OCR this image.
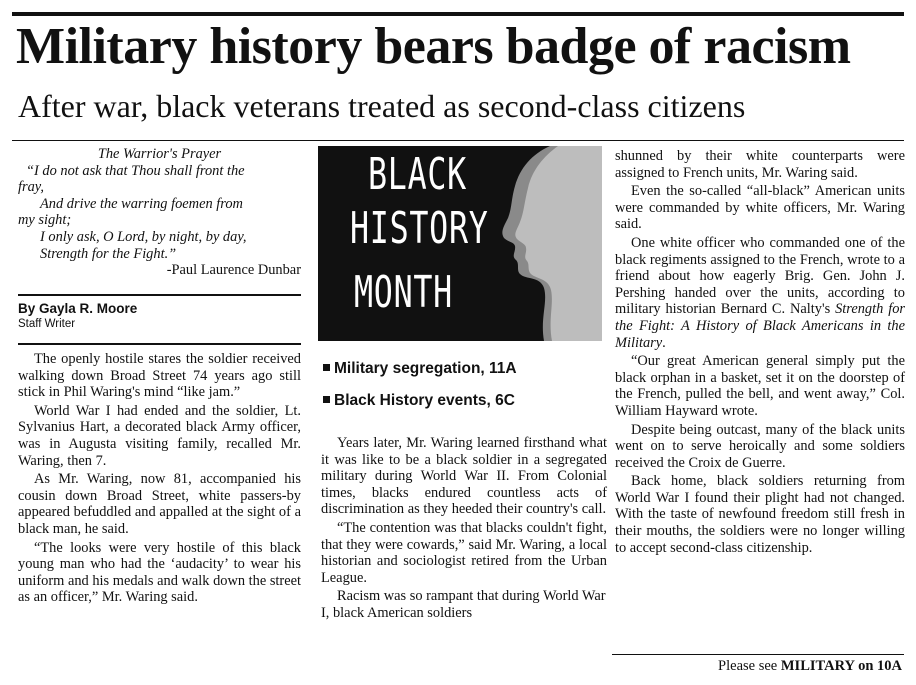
Military history bears badge of racism
After war, black veterans treated as second-class citizens
The Warrior's Prayer
“I do not ask that Thou shall front the
fray,
And drive the warring foemen from
my sight;
I only ask, O Lord, by night, by day,
Strength for the Fight.”
-Paul Laurence Dunbar
By Gayla R. Moore
Staff Writer

The openly hostile stares the soldier received walking down Broad Street 74 years ago still stick in Phil Waring's mind “like jam.”

World War I had ended and the soldier, Lt. Sylvanius Hart, a decorated black Army officer, was in Augusta visiting family, recalled Mr. Waring, then 7.

As Mr. Waring, now 81, accompanied his cousin down Broad Street, white passers-by appeared befuddled and appalled at the sight of a black man, he said.

“The looks were very hostile of this black young man who had the ‘audacity’ to wear his uniform and his medals and walk down the street as an officer,” Mr. Waring said.

BLACK
HISTORY
MONTH
Military segregation, 11A
Black History events, 6C

Years later, Mr. Waring learned firsthand what it was like to be a black soldier in a segregated military during World War II. From Colonial times, blacks endured countless acts of discrimination as they heeded their country's call.

“The contention was that blacks couldn't fight, that they were cowards,” said Mr. Waring, a local historian and sociologist retired from the Urban League.

Racism was so rampant that during World War I, black American soldiers

shunned by their white counterparts were assigned to French units, Mr. Waring said.

Even the so-called “all-black” American units were commanded by white officers, Mr. Waring said.

One white officer who commanded one of the black regiments assigned to the French, wrote to a friend about how eagerly Brig. Gen. John J. Pershing handed over the units, according to military historian Bernard C. Nalty's Strength for the Fight: A History of Black Americans in the Military.

“Our great American general simply put the black orphan in a basket, set it on the doorstep of the French, pulled the bell, and went away,” Col. William Hayward wrote.

Despite being outcast, many of the black units went on to serve heroically and some soldiers received the Croix de Guerre.

Back home, black soldiers returning from World War I found their plight had not changed. With the taste of newfound freedom still fresh in their mouths, the soldiers were no longer willing to accept second-class citizenship.

Please see MILITARY on 10A
